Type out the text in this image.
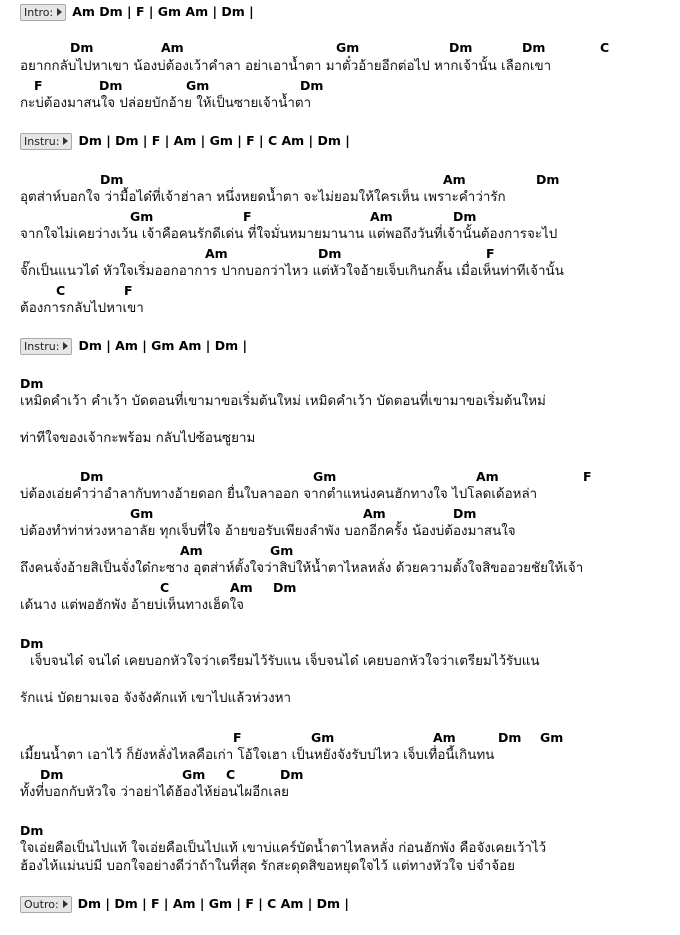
Intro: Am Dm | F | Gm Am | Dm |
Dm	Am	Gm	Dm	Dm	C
อยากกลับไปหาเขา น้องบ่ต้องเว้าคำลา อย่าเอาน้ำตา มาตั๋วอ้ายอีกต่อไป หากเจ้านั้น เลือกเขา
F	Dm	Gm	Dm
กะบ่ต้องมาสนใจ ปล่อยบักอ้าย ให้เป็นซายเจ้าน้ำตา
Instru: Dm | Dm | F | Am | Gm | F | C Am | Dm |
Dm	Am	Dm
อุตส่าห์บอกใจ ว่ามื้อได๋ที่เจ้าฮ่าลา หนึ่งหยดน้ำตา จะไม่ยอมให้ใครเห็น เพราะคำว่ารัก
Gm	F	Am	Dm
จากใจไม่เคยว่างเว้น เจ้าคือคนรักดีเด่น ที่ใจมั่นหมายมานาน แต่พอถึงวันที่เจ้านั้นต้องการจะไป
Am	Dm	F
จั๊กเป็นแนวได๋ หัวใจเริ่มออกอาการ ปากบอกว่าไหว แต่หัวใจอ้ายเจ็บเกินกลั้น เมื่อเห็นท่าทีเจ้านั้น
C	F
ต้องการกลับไปหาเขา
Instru: Dm | Am | Gm Am | Dm |
Dm
เหมิดคำเว้า คำเว้า บัดตอนที่เขามาขอเริ่มต้นใหม่ เหมิดคำเว้า บัดตอนที่เขามาขอเริ่มต้นใหม่
ท่าทีใจของเจ้ากะพร้อม กลับไปซ้อนซูยาม
Dm	Gm	Am	F
บ่ต้องเอ่ยคำว่าอำลากับทางอ้ายดอก ยื่นใบลาออก จากตำแหน่งคนฮักทางใจ ไปโลดเด้อหล่า
Gm	Am	Dm
บ่ต้องทำท่าห่วงหาอาลัย ทุกเจ็บที่ใจ อ้ายขอรับเพียงลำพัง บอกอีกครั้ง น้องบ่ต้องมาสนใจ
Am	Gm
ถึงคนจั่งอ้ายสิเป็นจั่งใด๋กะซาง อุตส่าห์ตั้งใจว่าสิบ่ให้น้ำตาไหลหลั่ง ด้วยความตั้งใจสิขออวยชัยให้เจ้า
C	Am Dm
เด้นาง แต่พอฮักพัง อ้ายบ่เห็นทางเฮ็ดใจ
Dm
เจ็บจนได๋ จนได๋ เคยบอกหัวใจว่าเตรียมไว้รับแน เจ็บจนได๋ เคยบอกหัวใจว่าเตรียมไว้รับแน
รักแน่ บัดยามเจอ จังจังคักแท้ เขาไปแล้วห่วงหา
F	Gm	Am	Dm Gm
เมี้ยนน้ำตา เอาไว้ ก็ยังหลั่งไหลคือเก่า โอ้ใจเฮา เป็นหยังจังรับบ่ไหว เจ็บเทื่อนี้เกินทน
Dm	Gm C	Dm
ทั้งที่บอกกับหัวใจ ว่าอย่าได้ฮ้องไห้ย่อนไผอีกเลย
Dm
ใจเอ่ยคือเป็นไปแท้ ใจเอ่ยคือเป็นไปแท้ เขาบ่แคร์บัดน้ำตาไหลหลั่ง ก่อนฮักพัง คือจังเคยเว้าไว้
ฮ้องไห้แม่นบ่มี บอกใจอย่างดีว่าถ้าในที่สุด รักสะดุดสิขอหยุดใจไว้ แต่ทางหัวใจ บ่จำจ้อย
Outro: Dm | Dm | F | Am | Gm | F | C Am | Dm |
